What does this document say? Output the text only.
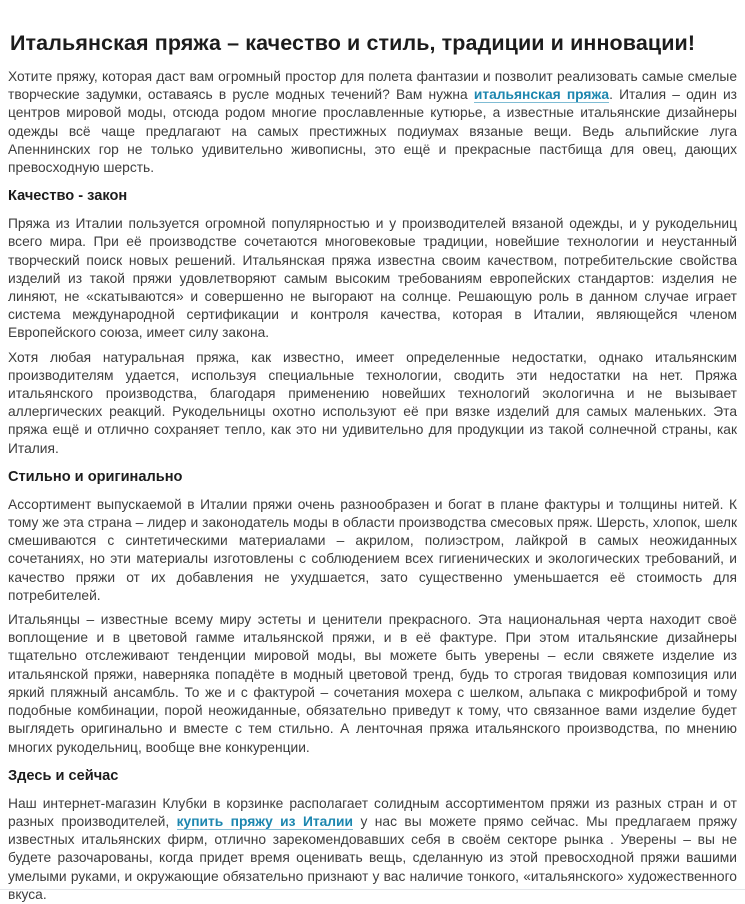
Итальянская пряжа – качество и стиль, традиции и инновации!

Хотите пряжу, которая даст вам огромный простор для полета фантазии и позволит реализовать самые смелые творческие задумки, оставаясь в русле модных течений? Вам нужна итальянская пряжа. Италия – один из центров мировой моды, отсюда родом многие прославленные кутюрье, а известные итальянские дизайнеры одежды всё чаще предлагают на самых престижных подиумах вязаные вещи. Ведь альпийские луга Апеннинских гор не только удивительно живописны, это ещё и прекрасные пастбища для овец, дающих превосходную шерсть.

Качество - закон

Пряжа из Италии пользуется огромной популярностью и у производителей вязаной одежды, и у рукодельниц всего мира. При её производстве сочетаются многовековые традиции, новейшие технологии и неустанный творческий поиск новых решений. Итальянская пряжа известна своим качеством, потребительские свойства изделий из такой пряжи удовлетворяют самым высоким требованиям европейских стандартов: изделия не линяют, не «скатываются» и совершенно не выгорают на солнце. Решающую роль в данном случае играет система международной сертификации и контроля качества, которая в Италии, являющейся членом Европейского союза, имеет силу закона.

Хотя любая натуральная пряжа, как известно, имеет определенные недостатки, однако итальянским производителям удается, используя специальные технологии, сводить эти недостатки на нет. Пряжа итальянского производства, благодаря применению новейших технологий экологична и не вызывает аллергических реакций. Рукодельницы охотно используют её при вязке изделий для самых маленьких. Эта пряжа ещё и отлично сохраняет тепло, как это ни удивительно для продукции из такой солнечной страны, как Италия.

Стильно и оригинально

Ассортимент выпускаемой в Италии пряжи очень разнообразен и богат в плане фактуры и толщины нитей. К тому же эта страна – лидер и законодатель моды в области производства смесовых пряж. Шерсть, хлопок, шелк смешиваются с синтетическими материалами – акрилом, полиэстром, лайкрой в самых неожиданных сочетаниях, но эти материалы изготовлены с соблюдением всех гигиенических и экологических требований, и качество пряжи от их добавления не ухудшается, зато существенно уменьшается её стоимость для потребителей.

Итальянцы – известные всему миру эстеты и ценители прекрасного. Эта национальная черта находит своё воплощение и в цветовой гамме итальянской пряжи, и в её фактуре. При этом итальянские дизайнеры тщательно отслеживают тенденции мировой моды, вы можете быть уверены – если свяжете изделие из итальянской пряжи, наверняка попадёте в модный цветовой тренд, будь то строгая твидовая композиция или яркий пляжный ансамбль. То же и с фактурой – сочетания мохера с шелком, альпака с микрофиброй и тому подобные комбинации, порой неожиданные, обязательно приведут к тому, что связанное вами изделие будет выглядеть оригинально и вместе с тем стильно. А ленточная пряжа итальянского производства, по мнению многих рукодельниц, вообще вне конкуренции.

Здесь и сейчас

Наш интернет-магазин Клубки в корзинке располагает солидным ассортиментом пряжи из разных стран и от разных производителей, купить пряжу из Италии у нас вы можете прямо сейчас. Мы предлагаем пряжу известных итальянских фирм, отлично зарекомендовавших себя в своём секторе рынка . Уверены – вы не будете разочарованы, когда придет время оценивать вещь, сделанную из этой превосходной пряжи вашими умелыми руками, и окружающие обязательно признают у вас наличие тонкого, «итальянского» художественного вкуса.
